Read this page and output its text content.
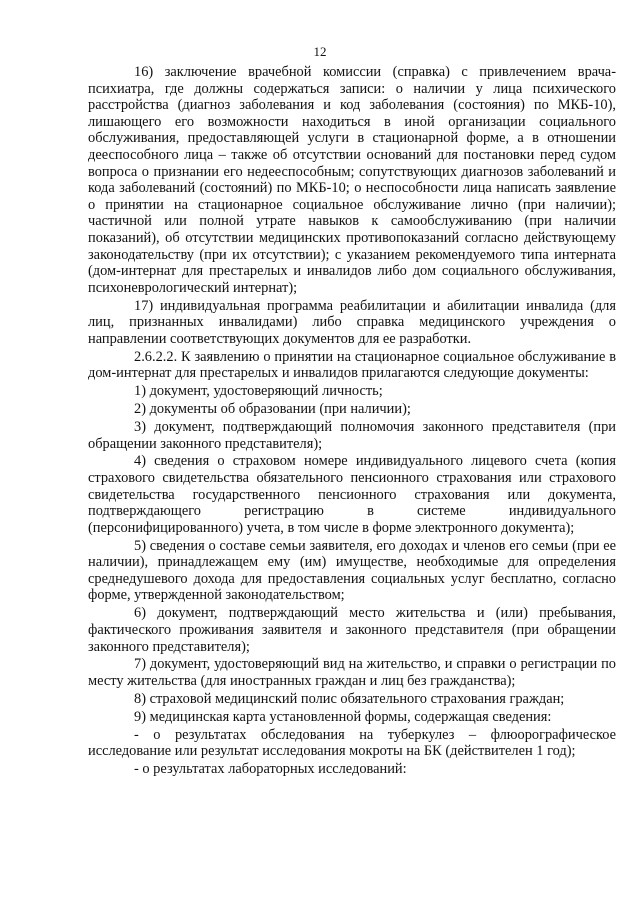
12

16) заключение врачебной комиссии (справка) с привлечением врача-психиатра, где должны содержаться записи: о наличии у лица психического расстройства (диагноз заболевания и код заболевания (состояния) по МКБ-10), лишающего его возможности находиться в иной организации социального обслуживания, предоставляющей услуги в стационарной форме, а в отношении дееспособного лица – также об отсутствии оснований для постановки перед судом вопроса о признании его недееспособным; сопутствующих диагнозов заболеваний и кода заболеваний (состояний) по МКБ-10; о неспособности лица написать заявление о принятии на стационарное социальное обслуживание лично (при наличии); частичной или полной утрате навыков к самообслуживанию (при наличии показаний), об отсутствии медицинских противопоказаний согласно действующему законодательству (при их отсутствии); с указанием рекомендуемого типа интерната (дом-интернат для престарелых и инвалидов либо дом социального обслуживания, психоневрологический интернат);

17) индивидуальная программа реабилитации и абилитации инвалида (для лиц, признанных инвалидами) либо справка медицинского учреждения о направлении соответствующих документов для ее разработки.

2.6.2.2. К заявлению о принятии на стационарное социальное обслуживание в дом-интернат для престарелых и инвалидов прилагаются следующие документы:

1) документ, удостоверяющий личность;

2) документы об образовании (при наличии);

3) документ, подтверждающий полномочия законного представителя (при обращении законного представителя);

4) сведения о страховом номере индивидуального лицевого счета (копия страхового свидетельства обязательного пенсионного страхования или страхового свидетельства государственного пенсионного страхования или документа, подтверждающего регистрацию в системе индивидуального (персонифицированного) учета, в том числе в форме электронного документа);

5) сведения о составе семьи заявителя, его доходах и членов его семьи (при ее наличии), принадлежащем ему (им) имуществе, необходимые для определения среднедушевого дохода для предоставления социальных услуг бесплатно, согласно форме, утвержденной законодательством;

6) документ, подтверждающий место жительства и (или) пребывания, фактического проживания заявителя и законного представителя (при обращении законного представителя);

7) документ, удостоверяющий вид на жительство, и справки о регистрации по месту жительства (для иностранных граждан и лиц без гражданства);

8) страховой медицинский полис обязательного страхования граждан;

9) медицинская карта установленной формы, содержащая сведения:

- о результатах обследования на туберкулез – флюорографическое исследование или результат исследования мокроты на БК (действителен 1 год);

- о результатах лабораторных исследований:
